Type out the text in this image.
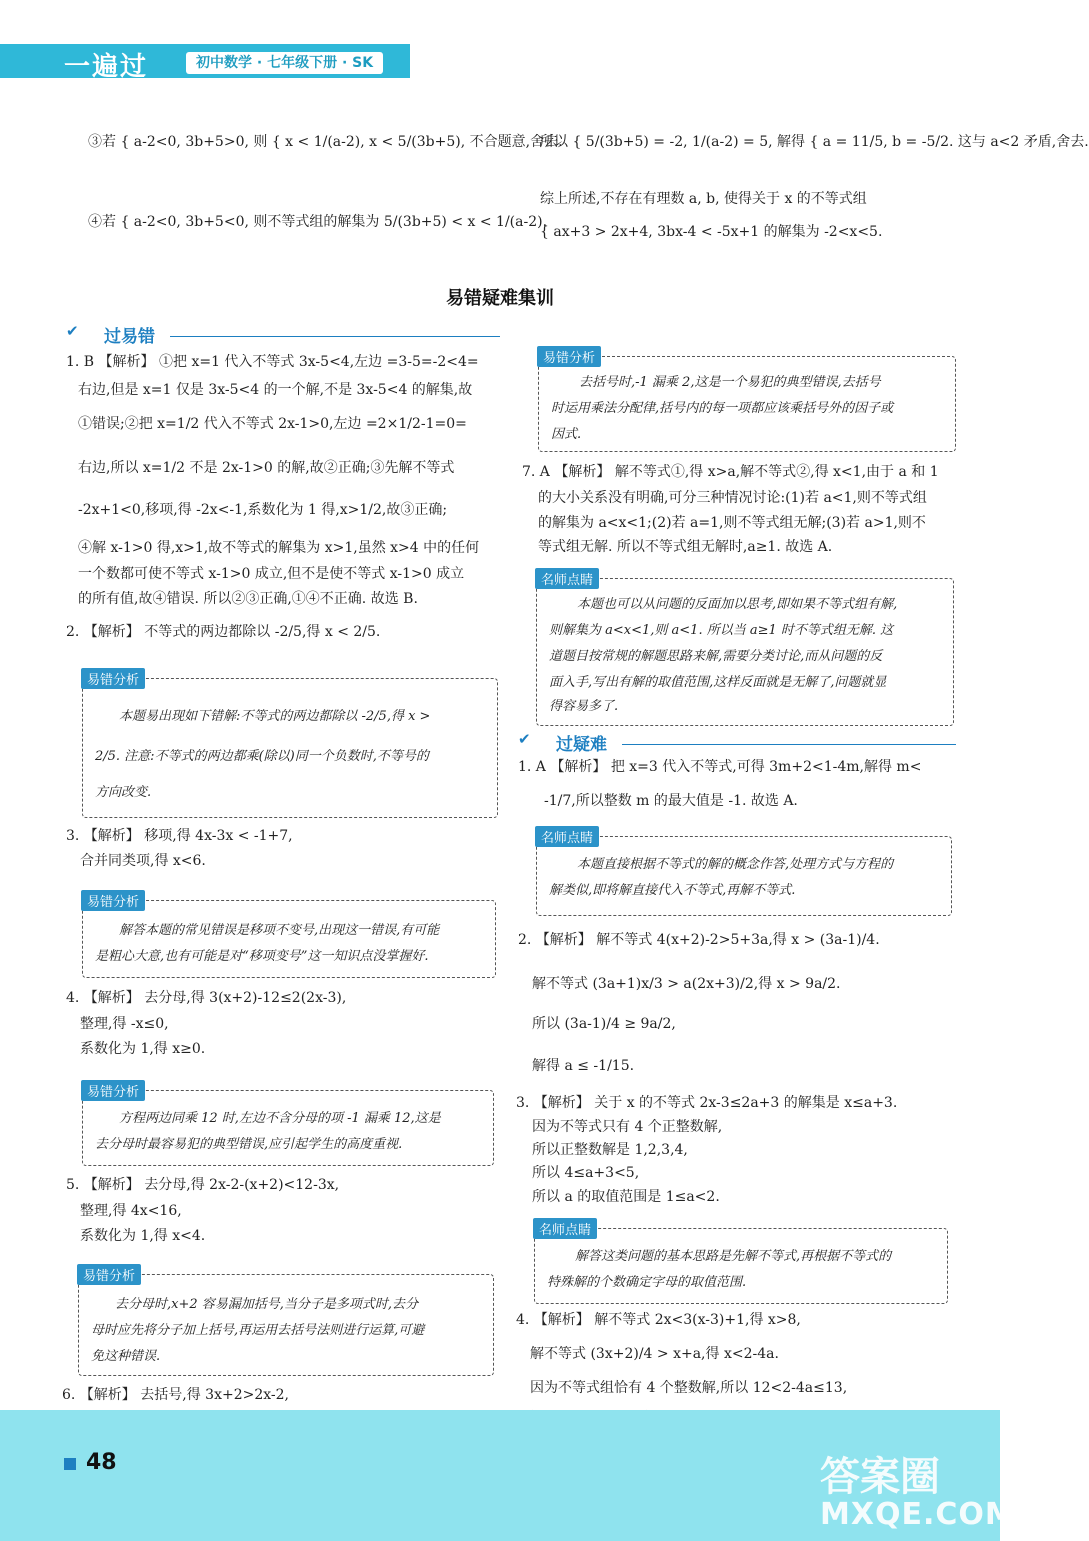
一遍过	初中数学 · 七年级下册 · SK
③若 { a-2<0, 3b+5>0, 则 { x < 1/(a-2), x < 5/(3b+5), 不合题意,舍去.
④若 { a-2<0, 3b+5<0, 则不等式组的解集为 5/(3b+5) < x < 1/(a-2).
所以 { 5/(3b+5) = -2, 1/(a-2) = 5, 解得 { a = 11/5, b = -5/2. 这与 a<2 矛盾,舍去.
综上所述,不存在有理数 a, b, 使得关于 x 的不等式组
{ ax+3 > 2x+4, 3bx-4 < -5x+1 的解集为 -2<x<5.
易错疑难集训
✔ 过易错
1. B 【解析】 ①把 x=1 代入不等式 3x-5<4,左边 =3-5=-2<4=
右边,但是 x=1 仅是 3x-5<4 的一个解,不是 3x-5<4 的解集,故
①错误;②把 x=1/2 代入不等式 2x-1>0,左边 =2×1/2-1=0=
右边,所以 x=1/2 不是 2x-1>0 的解,故②正确;③先解不等式
-2x+1<0,移项,得 -2x<-1,系数化为 1 得,x>1/2,故③正确;
④解 x-1>0 得,x>1,故不等式的解集为 x>1,虽然 x>4 中的任何
一个数都可使不等式 x-1>0 成立,但不是使不等式 x-1>0 成立
的所有值,故④错误. 所以②③正确,①④不正确. 故选 B.
2. 【解析】 不等式的两边都除以 -2/5,得 x < 2/5.
易错分析
本题易出现如下错解:不等式的两边都除以 -2/5,得 x >
2/5. 注意:不等式的两边都乘(除以)同一个负数时,不等号的
方向改变.
3. 【解析】 移项,得 4x-3x < -1+7,
合并同类项,得 x<6.
易错分析
解答本题的常见错误是移项不变号,出现这一错误,有可能
是粗心大意,也有可能是对“移项变号”这一知识点没掌握好.
4. 【解析】 去分母,得 3(x+2)-12≤2(2x-3),
整理,得 -x≤0,
系数化为 1,得 x≥0.
易错分析
方程两边同乘 12 时,左边不含分母的项 -1 漏乘 12,这是
去分母时最容易犯的典型错误,应引起学生的高度重视.
5. 【解析】 去分母,得 2x-2-(x+2)<12-3x,
整理,得 4x<16,
系数化为 1,得 x<4.
易错分析
去分母时,x+2 容易漏加括号,当分子是多项式时,去分
母时应先将分子加上括号,再运用去括号法则进行运算,可避
免这种错误.
6. 【解析】 去括号,得 3x+2>2x-2,
易错分析
去括号时,-1 漏乘 2,这是一个易犯的典型错误,去括号
时运用乘法分配律,括号内的每一项都应该乘括号外的因子或
因式.
7. A 【解析】 解不等式①,得 x>a,解不等式②,得 x<1,由于 a 和 1
的大小关系没有明确,可分三种情况讨论:(1)若 a<1,则不等式组
的解集为 a<x<1;(2)若 a=1,则不等式组无解;(3)若 a>1,则不
等式组无解. 所以不等式组无解时,a≥1. 故选 A.
名师点睛
本题也可以从问题的反面加以思考,即如果不等式组有解,
则解集为 a<x<1,则 a<1. 所以当 a≥1 时不等式组无解. 这
道题目按常规的解题思路来解,需要分类讨论,而从问题的反
面入手,写出有解的取值范围,这样反面就是无解了,问题就显
得容易多了.
✔ 过疑难
1. A 【解析】 把 x=3 代入不等式,可得 3m+2<1-4m,解得 m<
-1/7,所以整数 m 的最大值是 -1. 故选 A.
名师点睛
本题直接根据不等式的解的概念作答,处理方式与方程的
解类似,即将解直接代入不等式,再解不等式.
2. 【解析】 解不等式 4(x+2)-2>5+3a,得 x > (3a-1)/4.
解不等式 (3a+1)x/3 > a(2x+3)/2,得 x > 9a/2.
所以 (3a-1)/4 ≥ 9a/2,
解得 a ≤ -1/15.
3. 【解析】 关于 x 的不等式 2x-3≤2a+3 的解集是 x≤a+3.
因为不等式只有 4 个正整数解,
所以正整数解是 1,2,3,4,
所以 4≤a+3<5,
所以 a 的取值范围是 1≤a<2.
名师点睛
解答这类问题的基本思路是先解不等式,再根据不等式的
特殊解的个数确定字母的取值范围.
4. 【解析】 解不等式 2x<3(x-3)+1,得 x>8,
解不等式 (3x+2)/4 > x+a,得 x<2-4a.
因为不等式组恰有 4 个整数解,所以 12<2-4a≤13,
48	答案圈
MXQE.COM
